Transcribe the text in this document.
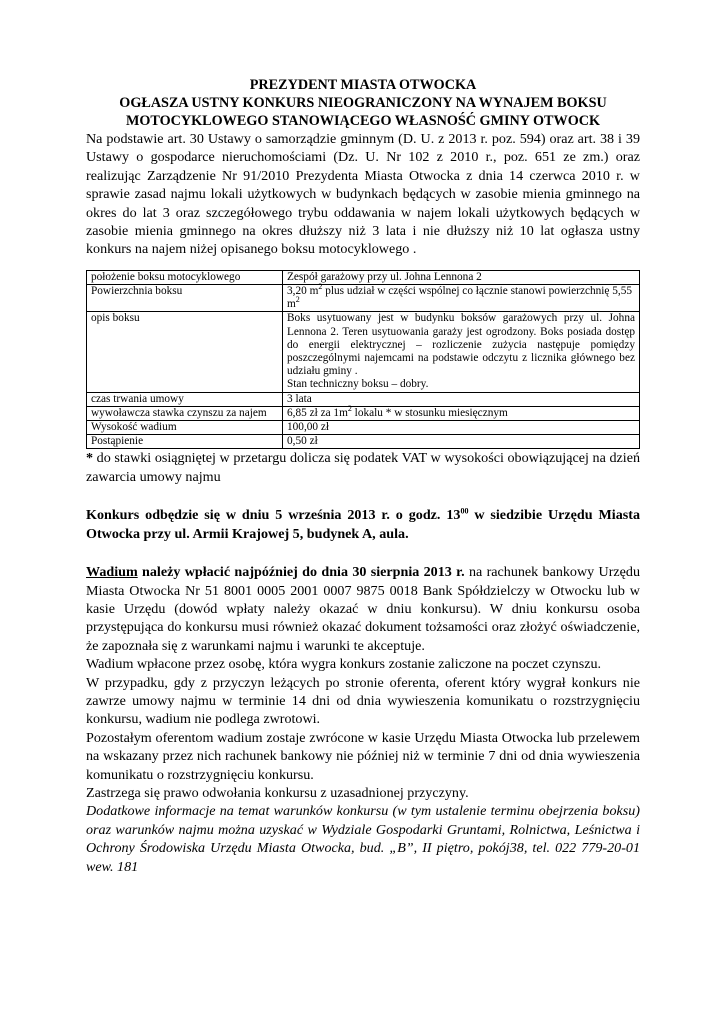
PREZYDENT MIASTA OTWOCKA
OGŁASZA USTNY KONKURS NIEOGRANICZONY NA WYNAJEM BOKSU
MOTOCYKLOWEGO STANOWIĄCEGO WŁASNOŚĆ GMINY OTWOCK

Na podstawie art. 30 Ustawy o samorządzie gminnym (D. U. z 2013 r. poz. 594) oraz art. 38 i 39 Ustawy o gospodarce nieruchomościami (Dz. U. Nr 102 z 2010 r., poz. 651 ze zm.) oraz realizując Zarządzenie Nr 91/2010 Prezydenta Miasta Otwocka z dnia 14 czerwca 2010 r. w sprawie zasad najmu lokali użytkowych w budynkach będących w zasobie mienia gminnego na okres do lat 3 oraz szczegółowego trybu oddawania w najem lokali użytkowych będących w zasobie mienia gminnego na okres dłuższy niż 3 lata i nie dłuższy niż 10 lat ogłasza ustny konkurs na najem niżej opisanego boksu motocyklowego .

położenie boksu motocyklowego	Zespół garażowy przy ul. Johna Lennona 2
Powierzchnia boksu	3,20 $m^2$ plus udział w części wspólnej co łącznie stanowi powierzchnię 5,55 $m^2$
opis boksu	Boks usytuowany jest w budynku boksów garażowych przy ul. Johna Lennona 2. Teren usytuowania garaży jest ogrodzony. Boks posiada dostęp do energii elektrycznej – rozliczenie zużycia następuje pomiędzy poszczególnymi najemcami na podstawie odczytu z licznika głównego bez udziału gminy .
Stan techniczny boksu – dobry.
czas trwania umowy	3 lata
wywoławcza stawka czynszu za najem	6,85 zł za $1m^2$ lokalu * w stosunku miesięcznym
Wysokość wadium	100,00 zł
Postąpienie	0,50 zł

* do stawki osiągniętej w przetargu dolicza się podatek VAT w wysokości obowiązującej na dzień zawarcia umowy najmu

Konkurs odbędzie się w dniu 5 września 2013 r. o godz. $13^{00}$ w siedzibie Urzędu Miasta Otwocka przy ul. Armii Krajowej 5, budynek A, aula.

Wadium należy wpłacić najpóźniej do dnia 30 sierpnia 2013 r. na rachunek bankowy Urzędu Miasta Otwocka Nr 51 8001 0005 2001 0007 9875 0018 Bank Spółdzielczy w Otwocku lub w kasie Urzędu (dowód wpłaty należy okazać w dniu konkursu). W dniu konkursu osoba przystępująca do konkursu musi również okazać dokument tożsamości oraz złożyć oświadczenie, że zapoznała się z warunkami najmu i warunki te akceptuje.

Wadium wpłacone przez osobę, która wygra konkurs zostanie zaliczone na poczet czynszu.

W przypadku, gdy z przyczyn leżących po stronie oferenta, oferent który wygrał konkurs nie zawrze umowy najmu w terminie 14 dni od dnia wywieszenia komunikatu o rozstrzygnięciu konkursu, wadium nie podlega zwrotowi.

Pozostałym oferentom wadium zostaje zwrócone w kasie Urzędu Miasta Otwocka lub przelewem na wskazany przez nich rachunek bankowy nie później niż w terminie 7 dni od dnia wywieszenia komunikatu o rozstrzygnięciu konkursu.

Zastrzega się prawo odwołania konkursu z uzasadnionej przyczyny.

Dodatkowe informacje na temat warunków konkursu (w tym ustalenie terminu obejrzenia boksu) oraz warunków najmu można uzyskać w Wydziale Gospodarki Gruntami, Rolnictwa, Leśnictwa i Ochrony Środowiska Urzędu Miasta Otwocka, bud. „B”, II piętro, pokój38, tel. 022 779-20-01 wew. 181
